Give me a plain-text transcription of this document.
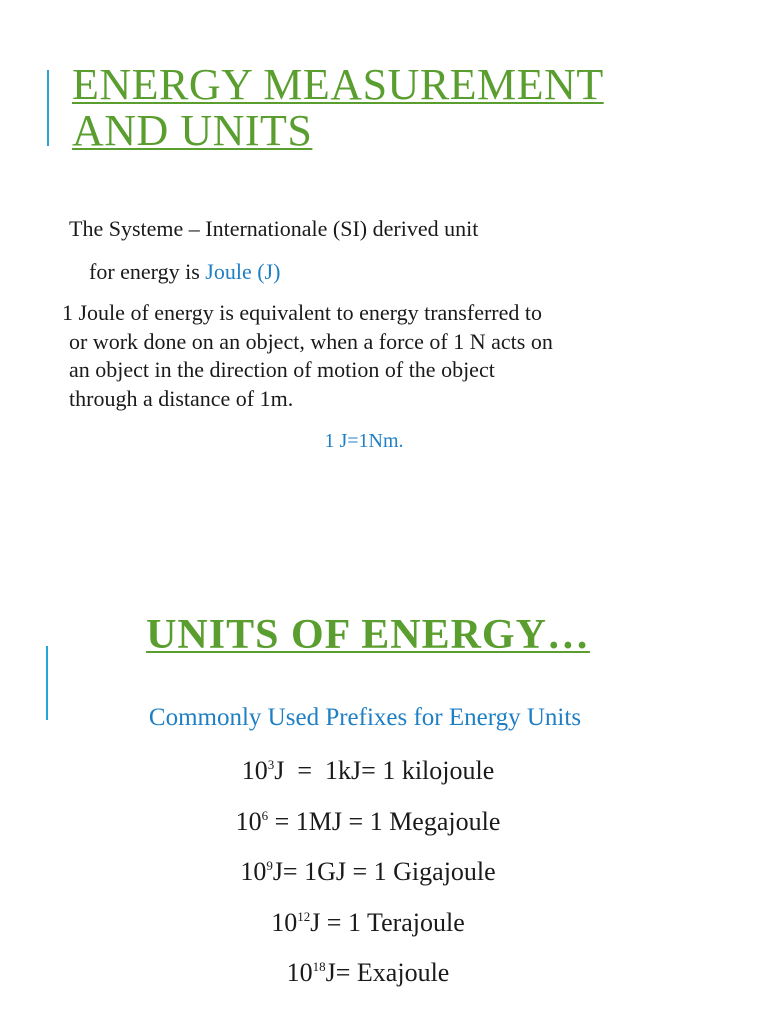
ENERGY MEASUREMENT
AND UNITS

The Systeme – Internationale (SI) derived unit

for energy is Joule (J)

1 Joule of energy is equivalent to energy transferred to
or work done on an object, when a force of 1 N acts on
an object in the direction of motion of the object
through a distance of 1m.

1 J=1Nm.

UNITS OF ENERGY…

Commonly Used Prefixes for Energy Units

$10^3J = 1kJ= 1$ kilojoule
$10^6 = 1MJ = 1$ Megajoule
$10^9J= 1GJ = 1$ Gigajoule
$10^{12}J = 1$ Terajoule
$10^{18}J=$ Exajoule
